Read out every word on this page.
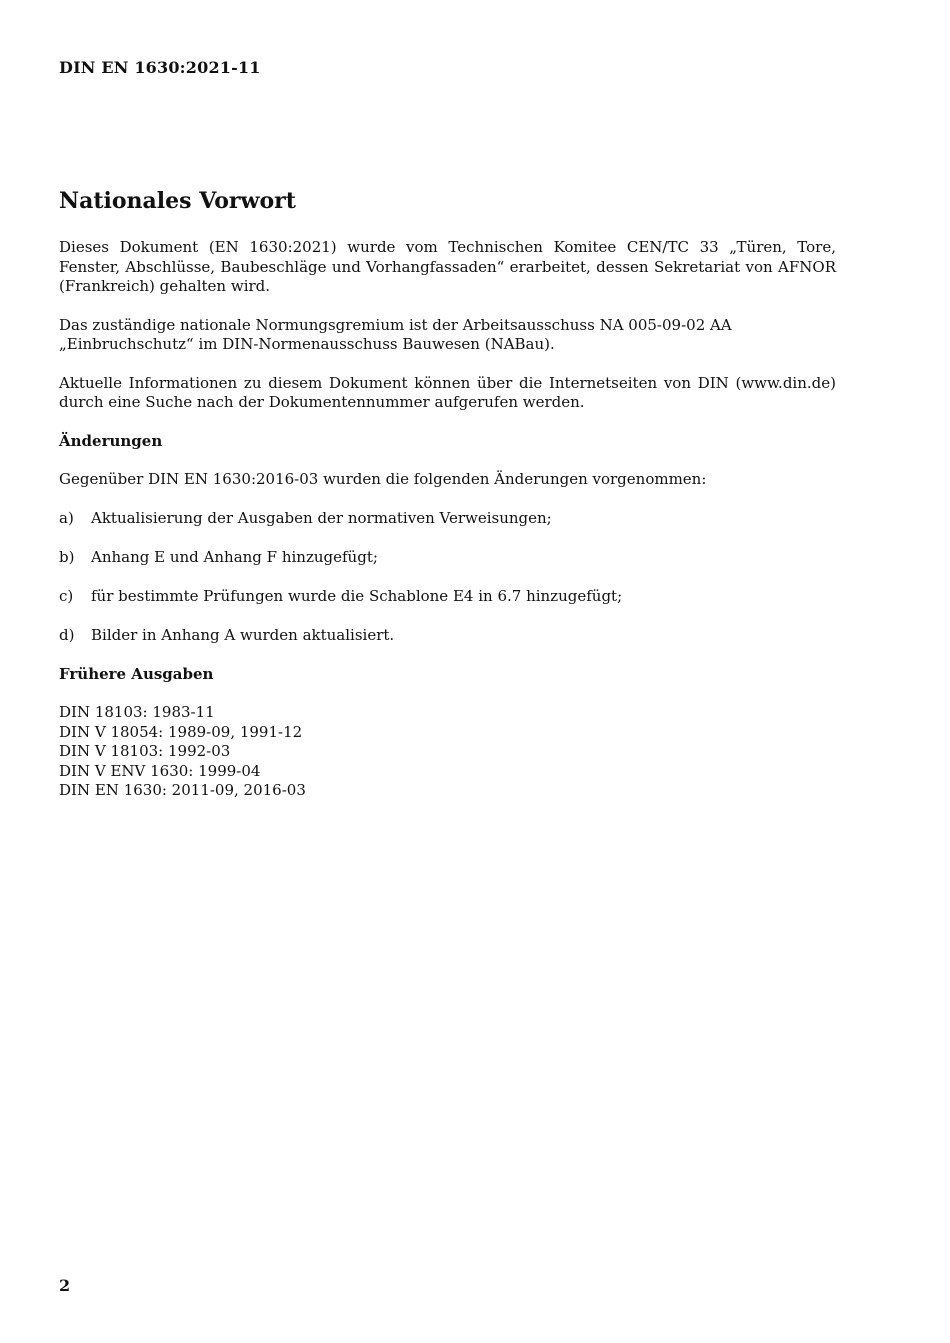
DIN EN 1630:2021-11
Nationales Vorwort

Dieses Dokument (EN 1630:2021) wurde vom Technischen Komitee CEN/TC 33 „Türen, Tore, Fenster, Abschlüsse, Baubeschläge und Vorhangfassaden“ erarbeitet, dessen Sekretariat von AFNOR (Frankreich) gehalten wird.

Das zuständige nationale Normungsgremium ist der Arbeitsausschuss NA 005-09-02 AA „Einbruchschutz“ im DIN-Normenausschuss Bauwesen (NABau).

Aktuelle Informationen zu diesem Dokument können über die Internetseiten von DIN (www.din.de) durch eine Suche nach der Dokumentennummer aufgerufen werden.

Änderungen

Gegenüber DIN EN 1630:2016-03 wurden die folgenden Änderungen vorgenommen:

a)	Aktualisierung der Ausgaben der normativen Verweisungen;
b)	Anhang E und Anhang F hinzugefügt;
c)	für bestimmte Prüfungen wurde die Schablone E4 in 6.7 hinzugefügt;
d)	Bilder in Anhang A wurden aktualisiert.
Frühere Ausgaben
DIN 18103: 1983-11
DIN V 18054: 1989-09, 1991-12
DIN V 18103: 1992-03
DIN V ENV 1630: 1999-04
DIN EN 1630: 2011-09, 2016-03
2
